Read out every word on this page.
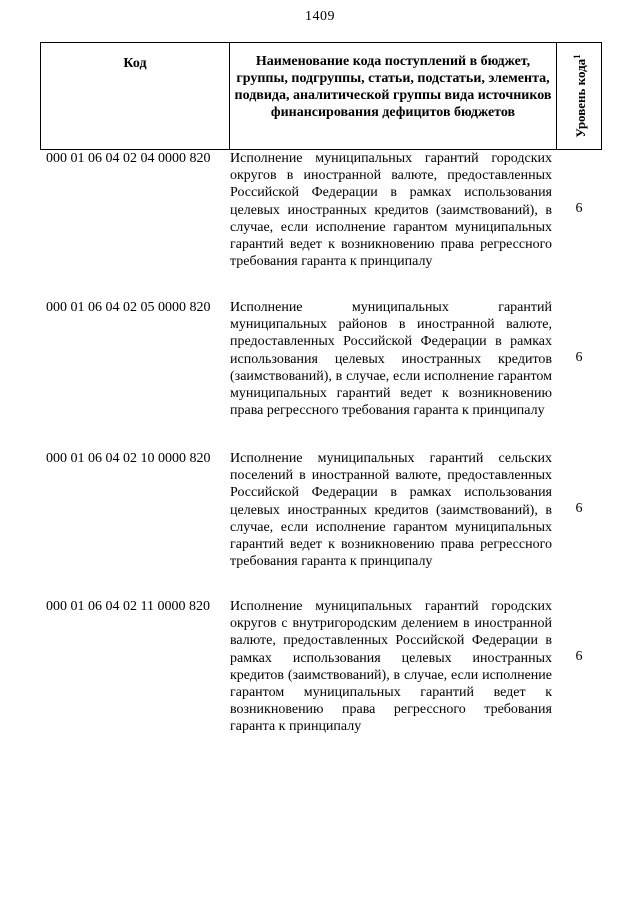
1409
Код	Наименование кода поступлений в бюджет, группы, подгруппы, статьи, подстатьи, элемента, подвида, аналитической группы вида источников финансирования дефицитов бюджетов	Уровень кода$^1$
000 01 06 04 02 04 0000 820 Исполнение муниципальных гарантий городских округов в иностранной валюте, предоставленных Российской Федерации в рамках использования целевых иностранных кредитов (заимствований), в случае, если исполнение гарантом муниципальных гарантий ведет к возникновению права регрессного требования гаранта к принципалу
6
000 01 06 04 02 05 0000 820 Исполнение муниципальных гарантий муниципальных районов в иностранной валюте, предоставленных Российской Федерации в рамках использования целевых иностранных кредитов (заимствований), в случае, если исполнение гарантом муниципальных гарантий ведет к возникновению права регрессного требования гаранта к принципалу
6
000 01 06 04 02 10 0000 820 Исполнение муниципальных гарантий сельских поселений в иностранной валюте, предоставленных Российской Федерации в рамках использования целевых иностранных кредитов (заимствований), в случае, если исполнение гарантом муниципальных гарантий ведет к возникновению права регрессного требования гаранта к принципалу
6
000 01 06 04 02 11 0000 820 Исполнение муниципальных гарантий городских округов с внутригородским делением в иностранной валюте, предоставленных Российской Федерации в рамках использования целевых иностранных кредитов (заимствований), в случае, если исполнение гарантом муниципальных гарантий ведет к возникновению права регрессного требования гаранта к принципалу
6
